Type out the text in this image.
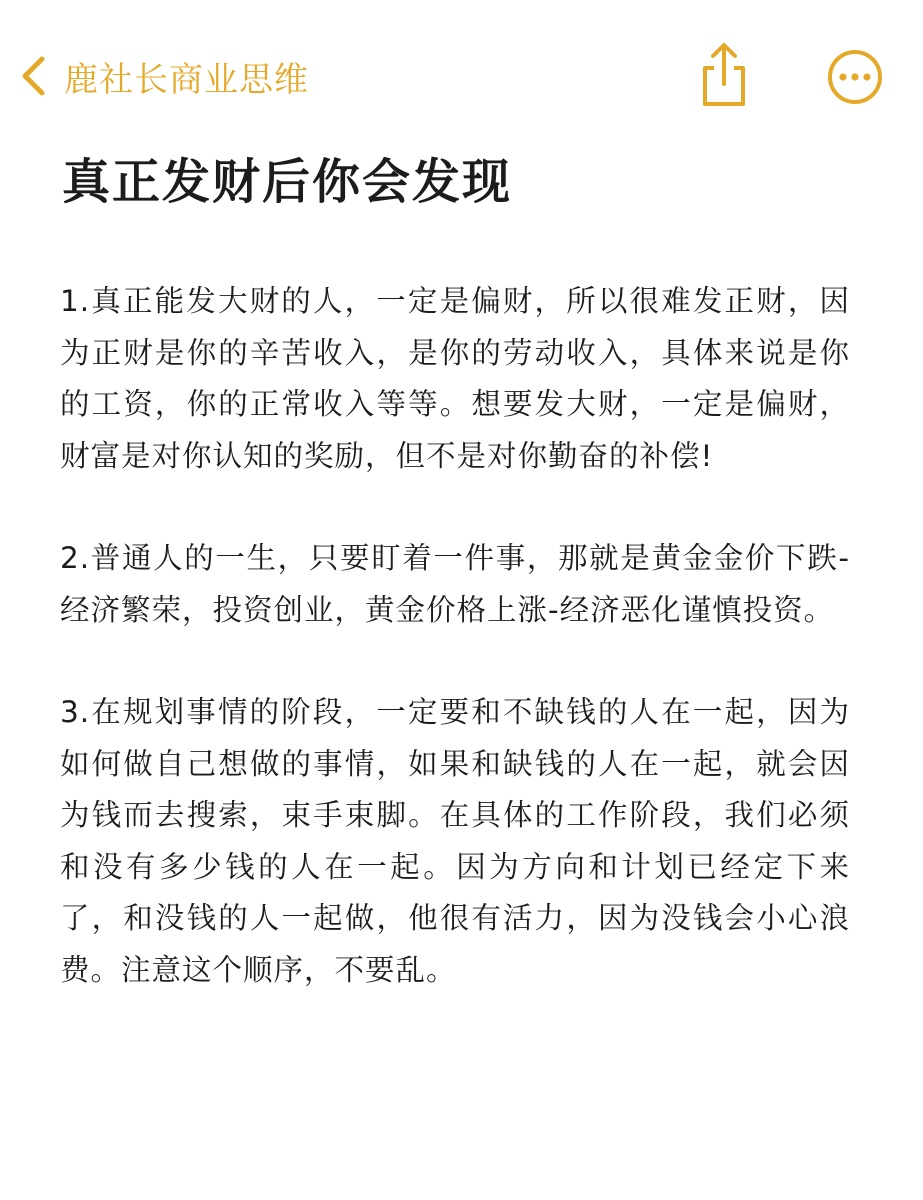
鹿社长商业思维
真正发财后你会发现

1.真正能发大财的人，一定是偏财，所以很难发正财，因为正财是你的辛苦收入，是你的劳动收入，具体来说是你的工资，你的正常收入等等。想要发大财，一定是偏财，财富是对你认知的奖励，但不是对你勤奋的补偿!

2.普通人的一生，只要盯着一件事，那就是黄金金价下跌-经济繁荣，投资创业，黄金价格上涨-经济恶化谨慎投资。

3.在规划事情的阶段，一定要和不缺钱的人在一起，因为如何做自己想做的事情，如果和缺钱的人在一起，就会因为钱而去搜索，束手束脚。在具体的工作阶段，我们必须和没有多少钱的人在一起。因为方向和计划已经定下来了，和没钱的人一起做，他很有活力，因为没钱会小心浪费。注意这个顺序，不要乱。
